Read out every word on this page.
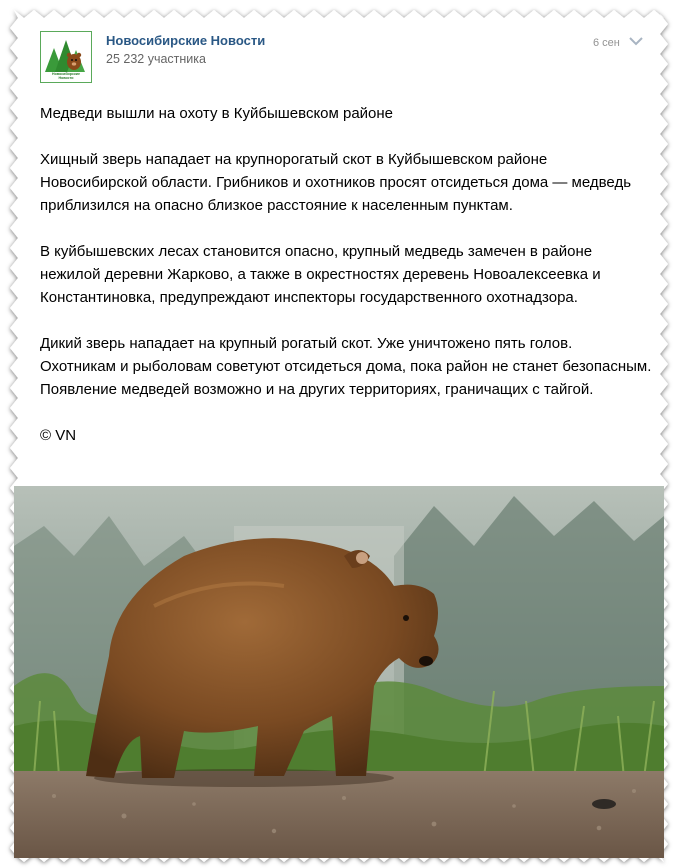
Новосибирские
Новости
Новосибирские Новости
25 232 участника
6 сен

Медведи вышли на охоту в Куйбышевском районе

Хищный зверь нападает на крупнорогатый скот в Куйбышевском районе Новосибирской области. Грибников и охотников просят отсидеться дома — медведь приблизился на опасно близкое расстояние к населенным пунктам.

В куйбышевских лесах становится опасно, крупный медведь замечен в районе нежилой деревни Жарково, а также в окрестностях деревень Новоалексеевка и Константиновка, предупреждают инспекторы государственного охотнадзора.

Дикий зверь нападает на крупный рогатый скот. Уже уничтожено пять голов. Охотникам и рыболовам советуют отсидеться дома, пока район не станет безопасным. Появление медведей возможно и на других территориях, граничащих с тайгой.

© VN
